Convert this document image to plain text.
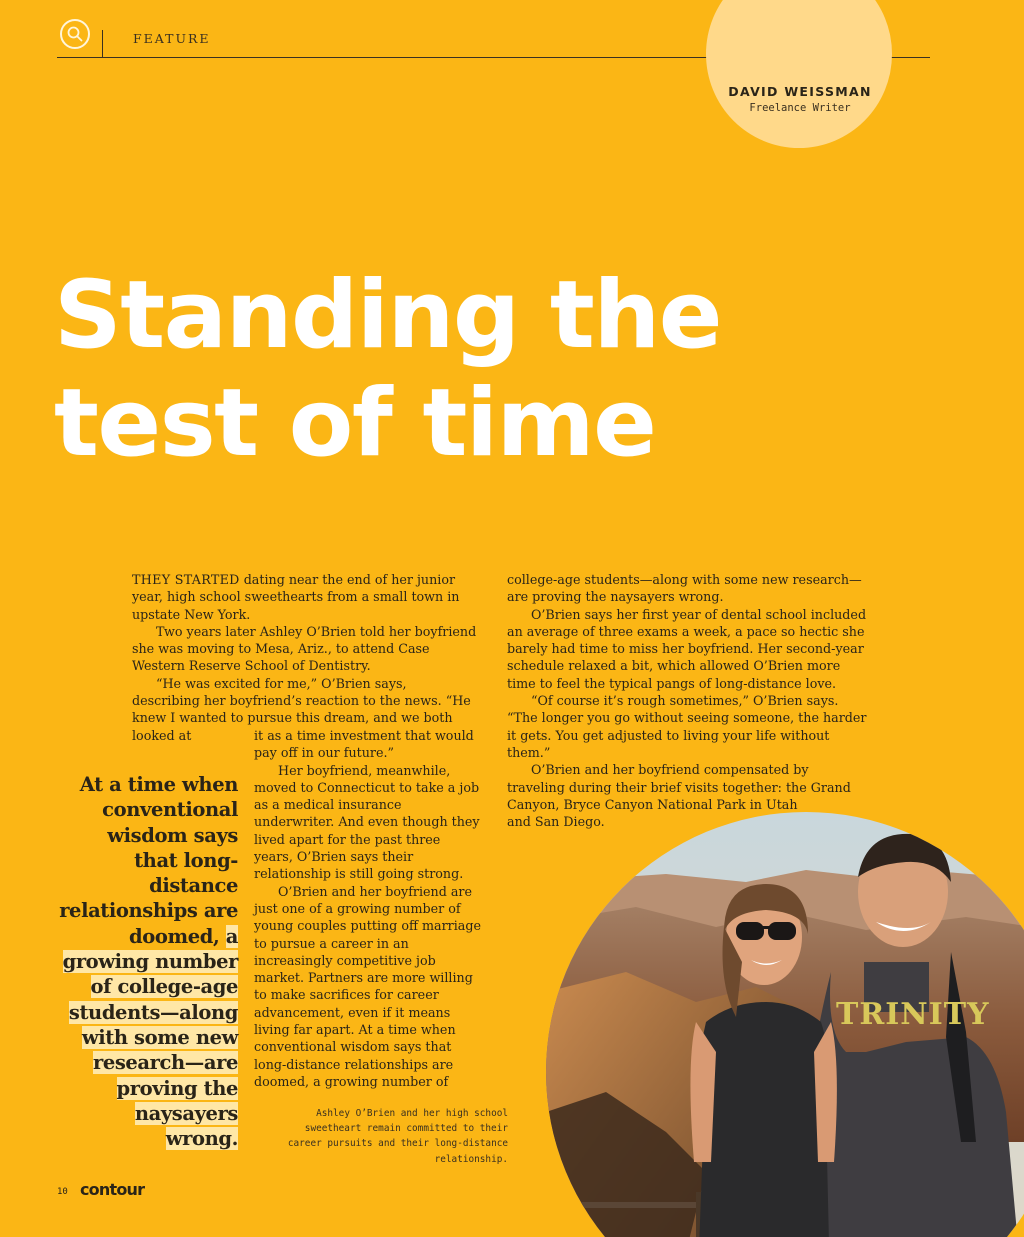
FEATURE
DAVID WEISSMAN
Freelance Writer
Standing the
test of time

THEY STARTED dating near the end of her junior year, high school sweethearts from a small town in upstate New York.

Two years later Ashley O’Brien told her boyfriend she was moving to Mesa, Ariz., to attend Case Western Reserve School of Dentistry.

“He was excited for me,” O’Brien says, describing her boyfriend’s reaction to the news. “He knew I wanted to pursue this dream, and we both looked at	it as a time investment that would pay off in our future.”

Her boyfriend, meanwhile, moved to Connecticut to take a job as a medical insurance underwriter. And even though they lived apart for the past three years, O’Brien says their relationship is still going strong.

O’Brien and her boyfriend are just one of a growing number of young couples putting off marriage to pursue a career in an increasingly competitive job market. Partners are more willing to make sacrifices for career advancement, even if it means living far apart. At a time when conventional wisdom says that long-distance relationships are doomed, a growing number of

college-age students—along with some new research—are proving the naysayers wrong.

O’Brien says her first year of dental school included an average of three exams a week, a pace so hectic she barely had time to miss her boyfriend. Her second-year schedule relaxed a bit, which allowed O’Brien more time to feel the typical pangs of long-distance love.

“Of course it’s rough sometimes,” O’Brien says. “The longer you go without seeing someone, the harder it gets. You get adjusted to living your life without them.”

O’Brien and her boyfriend compensated by traveling during their brief visits together: the Grand Canyon, Bryce Canyon National Park in Utah

and San Diego.

At a time when conventional wisdom says that long-distance relationships are doomed, a growing number of college-age students—along with some new research—are proving the naysayers wrong.
TRINITY
Ashley O’Brien and her high school sweetheart remain committed to their career pursuits and their long-distance relationship.
10 contour
